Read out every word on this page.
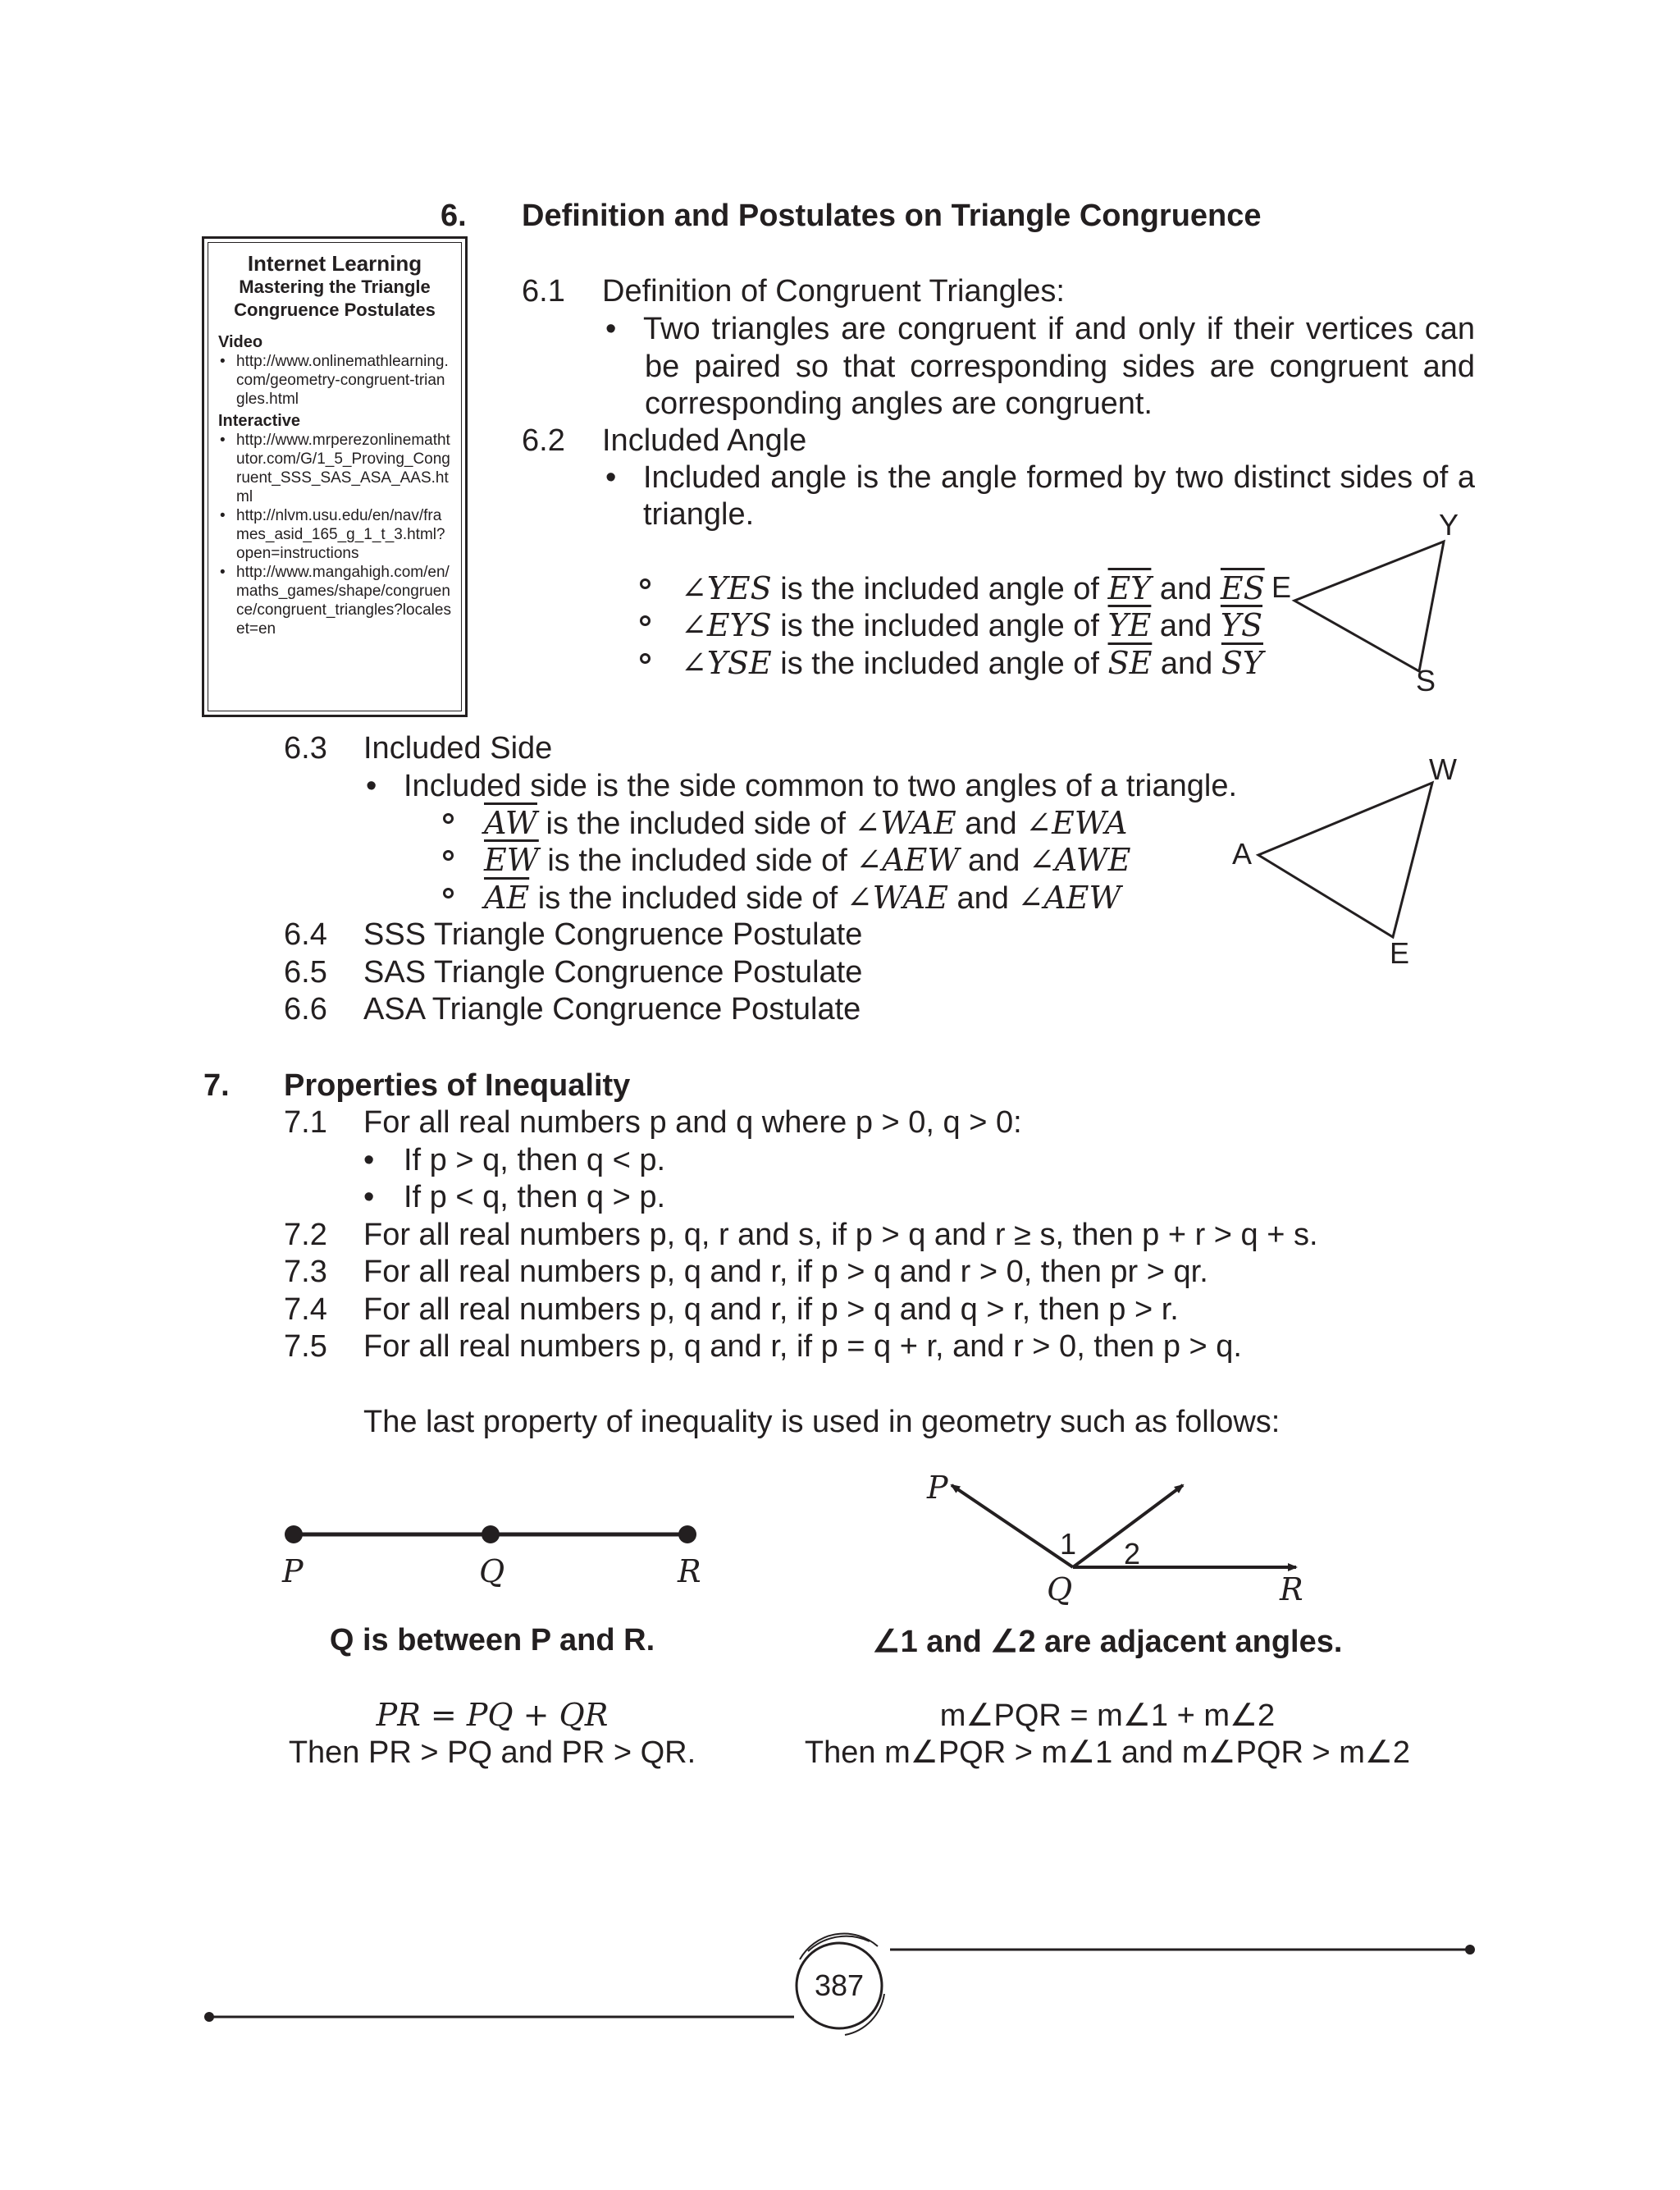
6. Definition and Postulates on Triangle Congruence
Internet Learning
Mastering the Triangle Congruence Postulates
Video
• http://www.onlinemathlearning.com/geometry-congruent-triangles.html
Interactive
• http://www.mrperezonlinemathtutor.com/G/1_5_Proving_Congruent_SSS_SAS_ASA_AAS.html
• http://nlvm.usu.edu/en/nav/frames_asid_165_g_1_t_3.html?open=instructions
• http://www.mangahigh.com/en/maths_games/shape/congruence/congruent_triangles?localeset=en
6.1 Definition of Congruent Triangles:
• Two triangles are congruent if and only if their vertices can
be paired so that corresponding sides are congruent and
corresponding angles are congruent.
6.2 Included Angle
• Included angle is the angle formed by two distinct sides of a
triangle.
∠YES is the included angle of $\overline{EY}$ and $\overline{ES}$
∠EYS is the included angle of $\overline{YE}$ and $\overline{YS}$
∠YSE is the included angle of $\overline{SE}$ and $\overline{SY}$
E
Y
S
6.3 Included Side
• Included side is the side common to two angles of a triangle.
$\overline{AW}$ is the included side of ∠WAE and ∠EWA
$\overline{EW}$ is the included side of ∠AEW and ∠AWE
$\overline{AE}$ is the included side of ∠WAE and ∠AEW
A
W
E
6.4 SSS Triangle Congruence Postulate
6.5 SAS Triangle Congruence Postulate
6.6 ASA Triangle Congruence Postulate
7. Properties of Inequality
7.1 For all real numbers p and q where p > 0, q > 0:
• If p > q, then q < p.
• If p < q, then q > p.
7.2 For all real numbers p, q, r and s, if p > q and r ≥ s, then p + r > q + s.
7.3 For all real numbers p, q and r, if p > q and r > 0, then pr > qr.
7.4 For all real numbers p, q and r, if p > q and q > r, then p > r.
7.5 For all real numbers p, q and r, if p = q + r, and r > 0, then p > q.
The last property of inequality is used in geometry such as follows:
P	Q	R
Q is between P and R.
PR = PQ + QR
Then PR > PQ and PR > QR.
P
Q	R
1 2
∠1 and ∠2 are adjacent angles.
m∠PQR = m∠1 + m∠2
Then m∠PQR > m∠1 and m∠PQR > m∠2
387
